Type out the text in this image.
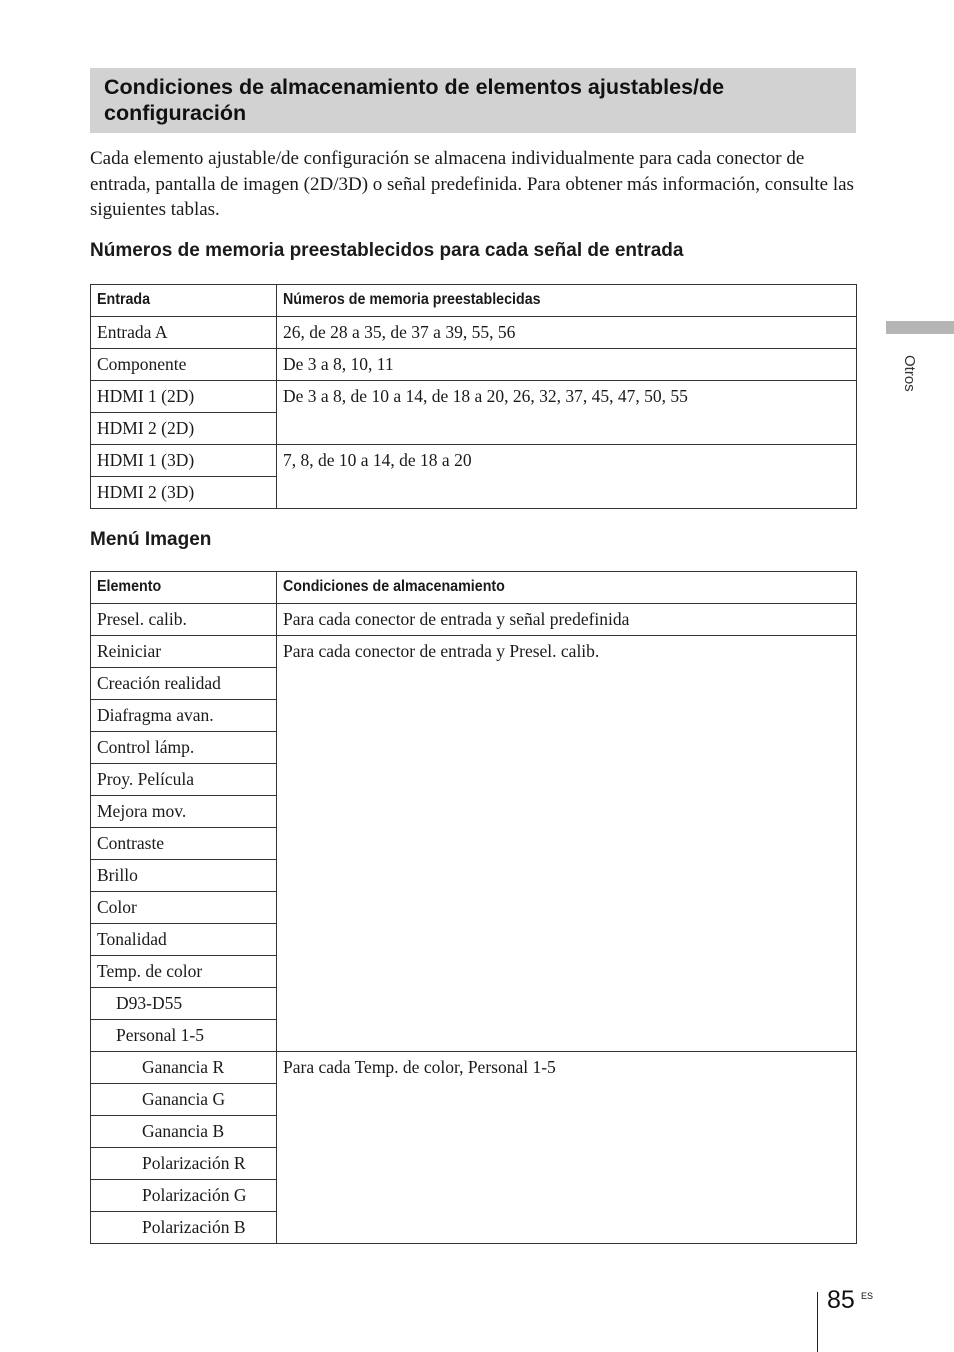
Condiciones de almacenamiento de elementos ajustables/de configuración

Cada elemento ajustable/de configuración se almacena individualmente para cada conector de entrada, pantalla de imagen (2D/3D) o señal predefinida. Para obtener más información, consulte las siguientes tablas.

Números de memoria preestablecidos para cada señal de entrada
Entrada	Números de memoria preestablecidas
Entrada A	26, de 28 a 35, de 37 a 39, 55, 56
Componente	De 3 a 8, 10, 11
HDMI 1 (2D)	De 3 a 8, de 10 a 14, de 18 a 20, 26, 32, 37, 45, 47, 50, 55
HDMI 2 (2D)	
HDMI 1 (3D)	7, 8, de 10 a 14, de 18 a 20
HDMI 2 (3D)	
Menú Imagen
Elemento	Condiciones de almacenamiento
Presel. calib.	Para cada conector de entrada y señal predefinida
Reiniciar	Para cada conector de entrada y Presel. calib.
Creación realidad	
Diafragma avan.	
Control lámp.	
Proy. Película	
Mejora mov.	
Contraste	
Brillo	
Color	
Tonalidad	
Temp. de color	
D93-D55	
Personal 1-5	
Ganancia R	Para cada Temp. de color, Personal 1-5
Ganancia G	
Ganancia B	
Polarización R	
Polarización G	
Polarización B	
Otros
85 ES
